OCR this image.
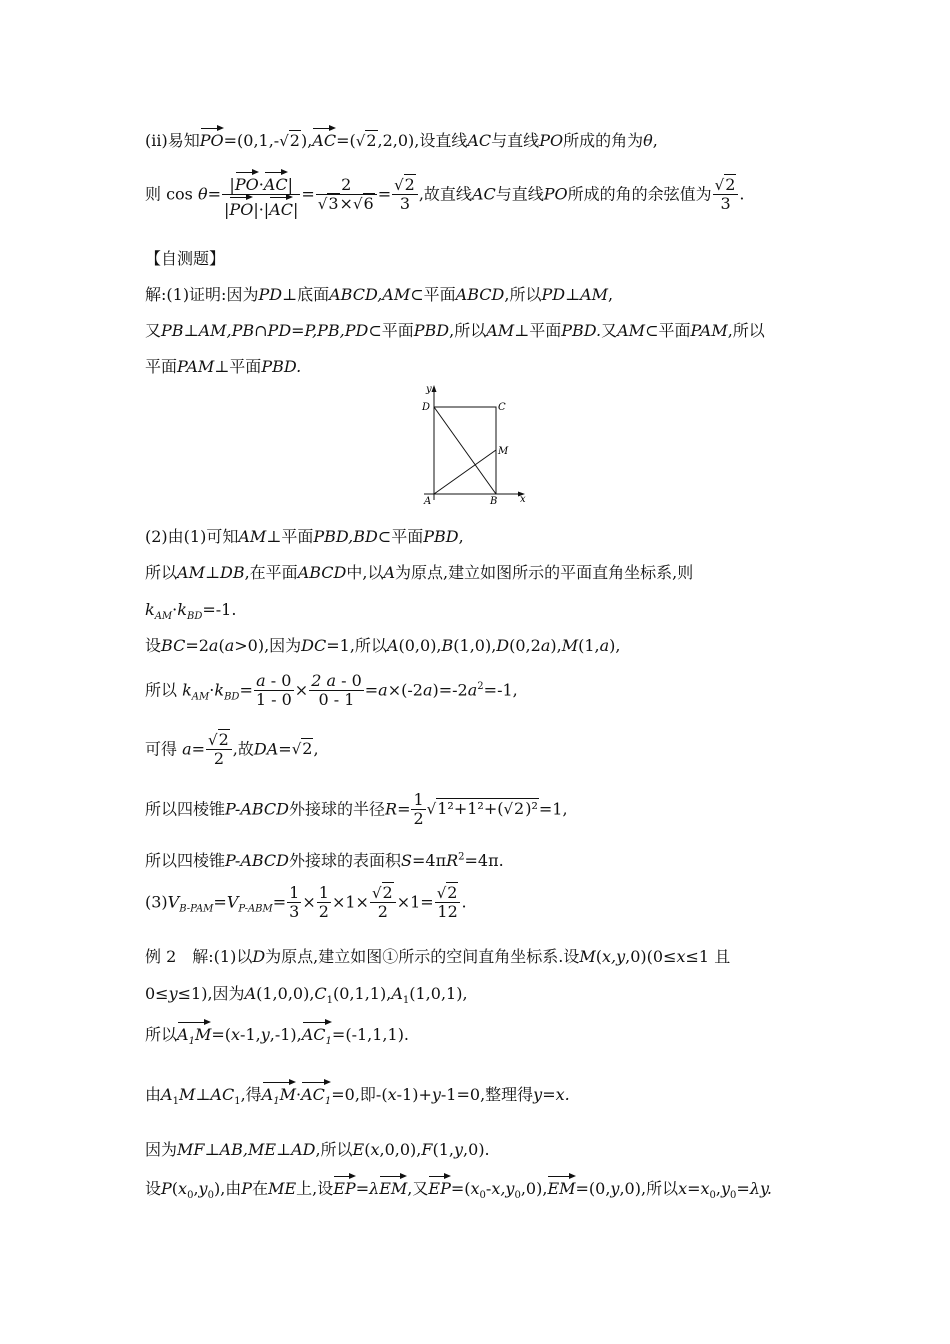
(ii)易知PO=(0,1,-√2),AC=(√2,2,0),设直线AC与直线PO所成的角为θ,
则 $\cos \theta= \frac{|PO\cdot AC|}{|PO|\cdot|AC|} = \frac{2}{√3\times√6} = \frac{√2}{3}$ ,故直线AC与直线PO所成的角的余弦值为 $\frac{√2}{3}$ .
【自测题】
解:(1)证明:因为PD⊥底面ABCD,AM⊂平面ABCD,所以PD⊥AM,
又PB⊥AM,PB∩PD=P,PB,PD⊂平面PBD,所以AM⊥平面PBD.又AM⊂平面PAM,所以
平面PAM⊥平面PBD.
y
D	C
M
A	B x
(2)由(1)可知AM⊥平面PBD,BD⊂平面PBD,
所以AM⊥DB,在平面ABCD中,以A为原点,建立如图所示的平面直角坐标系,则
$k_{AM}\cdot k_{BD}=-1$.
设BC=2a(a>0),因为DC=1,所以A(0,0),B(1,0),D(0,2a),M(1,a),
所以 $k_{AM}\cdot k_{BD}= \frac{a - 0}{1 - 0} \times \frac{2 a - 0}{0 - 1} =a\times(-2a)=-2a^2=-1$,
可得 $a= \frac{√2}{2}$ ,故DA=√2,
所以四棱锥P-ABCD外接球的半径$R= \frac{1}{2} √1^2+1^2+(√2)^2=1$,
所以四棱锥P-ABCD外接球的表面积$S=4\pi R^2=4\pi$.
$(3)V_{B-PAM}=V_{P-ABM}= \frac{1}{3} \times \frac{1}{2} \times 1\times \frac{√2}{2} \times 1= \frac{√2}{12}$ .
例 2　解:(1)以D为原点,建立如图①所示的空间直角坐标系.设M(x,y,0)(0≤x≤1 且
0≤y≤1),因为$A(1,0,0),C_1(0,1,1),A_1(1,0,1)$,
所以$A_1M=(x-1,y,-1),AC_1=(-1,1,1)$.
由$A_1M\perp AC_1$,得$A_1M\cdot AC_1=0$,即-(x-1)+y-1=0,整理得y=x.
因为MF⊥AB,ME⊥AD,所以E(x,0,0),F(1,y,0).
设$P(x_0,y_0)$,由P在ME上,设EP=λEM,又$EP=(x_0-x,y_0,0),EM=(0,y,0)$,所以$x=x_0,y_0=\lambda y$.
